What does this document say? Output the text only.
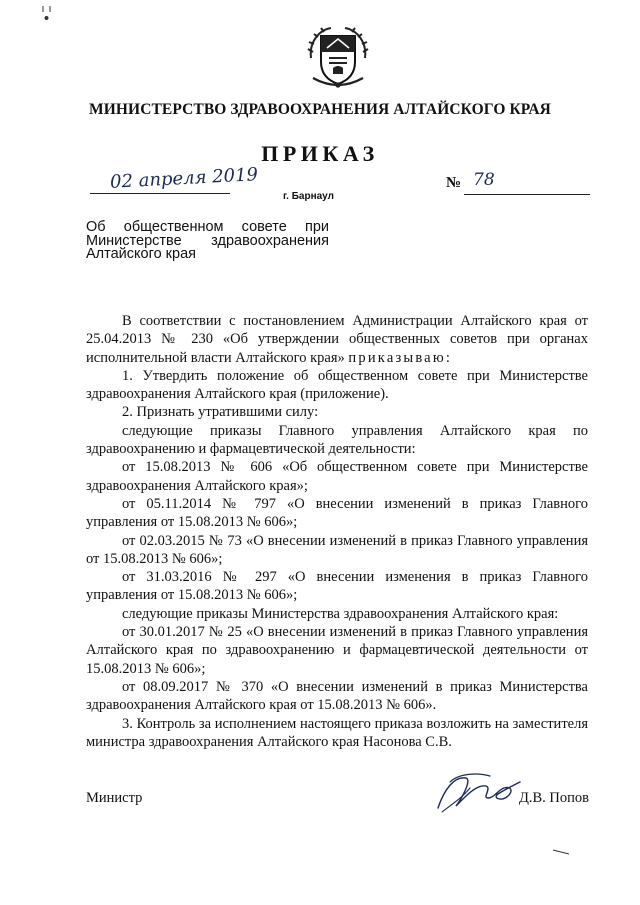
МИНИСТЕРСТВО ЗДРАВООХРАНЕНИЯ АЛТАЙСКОГО КРАЯ
ПРИКАЗ
02 апреля 2019
г. Барнаул
№ 78
Об общественном совете при
Министерстве здравоохранения
Алтайского края
В соответствии с постановлением Администрации Алтайского края от 25.04.2013 № 230 «Об утверждении общественных советов при органах исполнительной власти Алтайского края» приказываю:
1. Утвердить положение об общественном совете при Министерстве здравоохранения Алтайского края (приложение).
2. Признать утратившими силу:
следующие приказы Главного управления Алтайского края по здравоохранению и фармацевтической деятельности:
от 15.08.2013 № 606 «Об общественном совете при Министерстве здравоохранения Алтайского края»;
от 05.11.2014 № 797 «О внесении изменений в приказ Главного управления от 15.08.2013 № 606»;
от 02.03.2015 № 73 «О внесении изменений в приказ Главного управления от 15.08.2013 № 606»;
от 31.03.2016 № 297 «О внесении изменения в приказ Главного управления от 15.08.2013 № 606»;
следующие приказы Министерства здравоохранения Алтайского края:
от 30.01.2017 № 25 «О внесении изменений в приказ Главного управления Алтайского края по здравоохранению и фармацевтической деятельности от 15.08.2013 № 606»;
от 08.09.2017 № 370 «О внесении изменений в приказ Министерства здравоохранения Алтайского края от 15.08.2013 № 606».
3. Контроль за исполнением настоящего приказа возложить на заместителя министра здравоохранения Алтайского края Насонова С.В.
Министр	Д.В. Попов
